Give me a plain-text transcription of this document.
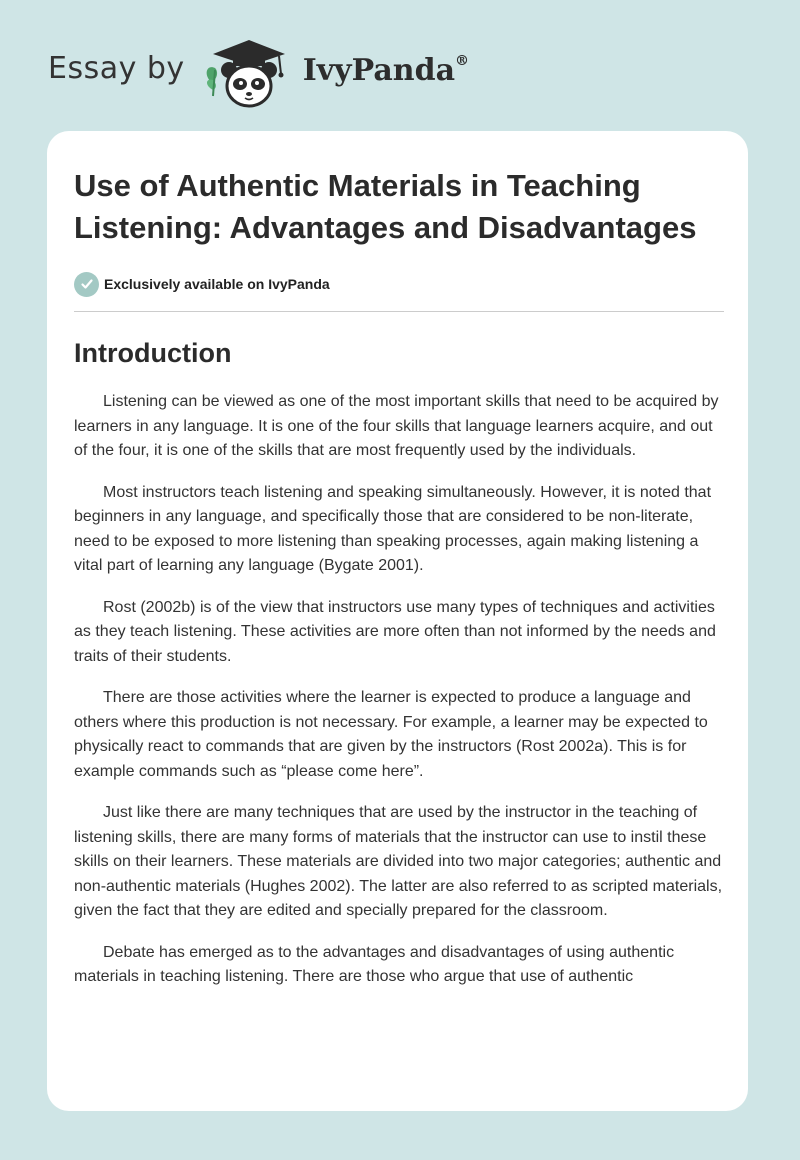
Essay by	IvyPanda®
Use of Authentic Materials in Teaching Listening: Advantages and Disadvantages
Exclusively available on IvyPanda
Introduction

Listening can be viewed as one of the most important skills that need to be acquired by learners in any language. It is one of the four skills that language learners acquire, and out of the four, it is one of the skills that are most frequently used by the individuals.

Most instructors teach listening and speaking simultaneously. However, it is noted that beginners in any language, and specifically those that are considered to be non-literate, need to be exposed to more listening than speaking processes, again making listening a vital part of learning any language (Bygate 2001).

Rost (2002b) is of the view that instructors use many types of techniques and activities as they teach listening. These activities are more often than not informed by the needs and traits of their students.

There are those activities where the learner is expected to produce a language and others where this production is not necessary. For example, a learner may be expected to physically react to commands that are given by the instructors (Rost 2002a). This is for example commands such as “please come here”.

Just like there are many techniques that are used by the instructor in the teaching of listening skills, there are many forms of materials that the instructor can use to instil these skills on their learners. These materials are divided into two major categories; authentic and non-authentic materials (Hughes 2002). The latter are also referred to as scripted materials, given the fact that they are edited and specially prepared for the classroom.

Debate has emerged as to the advantages and disadvantages of using authentic materials in teaching listening. There are those who argue that use of authentic
